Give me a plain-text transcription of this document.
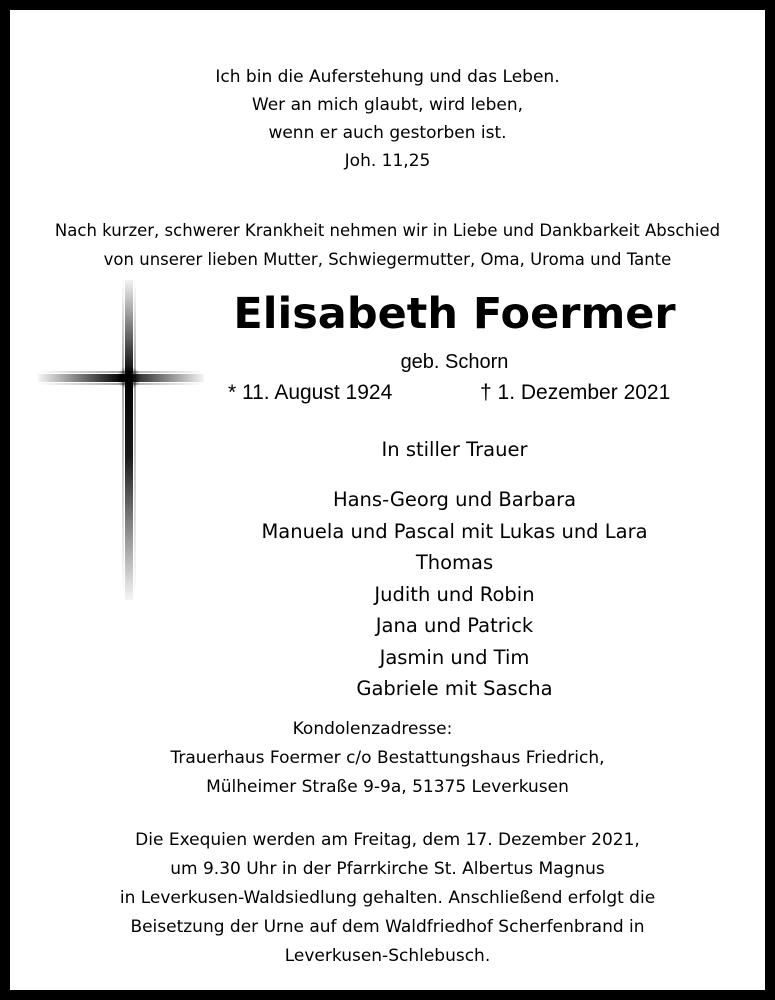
Ich bin die Auferstehung und das Leben.
Wer an mich glaubt, wird leben,
wenn er auch gestorben ist.
Joh. 11,25
Nach kurzer, schwerer Krankheit nehmen wir in Liebe und Dankbarkeit Abschied
von unserer lieben Mutter, Schwiegermutter, Oma, Uroma und Tante
Elisabeth Foermer
geb. Schorn
* 11. August 1924	† 1. Dezember 2021
In stiller Trauer
Hans-Georg und Barbara
Manuela und Pascal mit Lukas und Lara
Thomas
Judith und Robin
Jana und Patrick
Jasmin und Tim
Gabriele mit Sascha
Kondolenzadresse:
Trauerhaus Foermer c/o Bestattungshaus Friedrich,
Mülheimer Straße 9-9a, 51375 Leverkusen
Die Exequien werden am Freitag, dem 17. Dezember 2021,
um 9.30 Uhr in der Pfarrkirche St. Albertus Magnus
in Leverkusen-Waldsiedlung gehalten. Anschließend erfolgt die
Beisetzung der Urne auf dem Waldfriedhof Scherfenbrand in
Leverkusen-Schlebusch.
